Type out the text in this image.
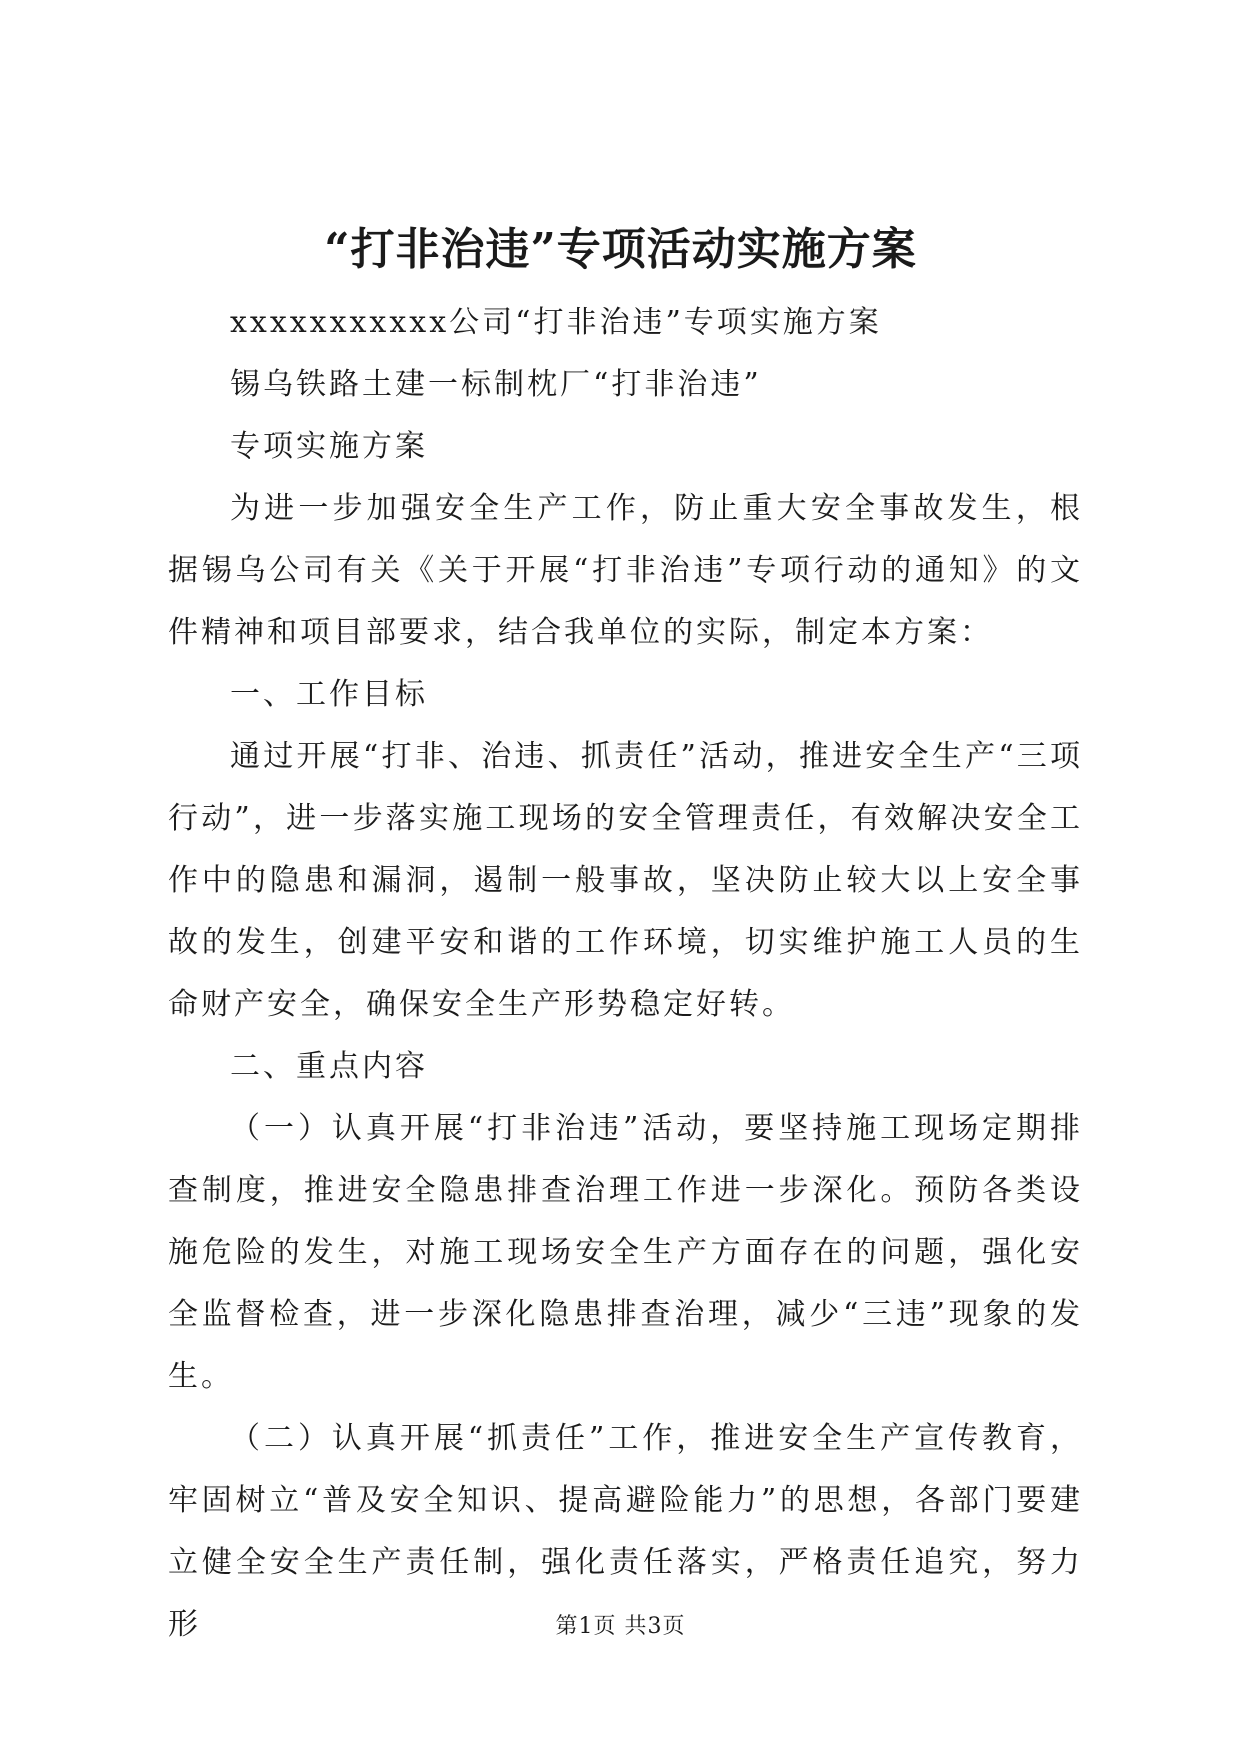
“打非治违”专项活动实施方案

xxxxxxxxxxx公司“打非治违”专项实施方案

锡乌铁路土建一标制枕厂“打非治违”

专项实施方案

为进一步加强安全生产工作，防止重大安全事故发生，根据锡乌公司有关《关于开展“打非治违”专项行动的通知》的文件精神和项目部要求，结合我单位的实际，制定本方案：

一、工作目标

通过开展“打非、治违、抓责任”活动，推进安全生产“三项行动”，进一步落实施工现场的安全管理责任，有效解决安全工作中的隐患和漏洞，遏制一般事故，坚决防止较大以上安全事故的发生，创建平安和谐的工作环境，切实维护施工人员的生命财产安全，确保安全生产形势稳定好转。

二、重点内容

（一）认真开展“打非治违”活动，要坚持施工现场定期排查制度，推进安全隐患排查治理工作进一步深化。预防各类设施危险的发生，对施工现场安全生产方面存在的问题，强化安全监督检查，进一步深化隐患排查治理，减少“三违”现象的发生。

（二）认真开展“抓责任”工作，推进安全生产宣传教育，牢固树立“普及安全知识、提高避险能力”的思想，各部门要建立健全安全生产责任制，强化责任落实，严格责任追究，努力形	第1页 共3页
